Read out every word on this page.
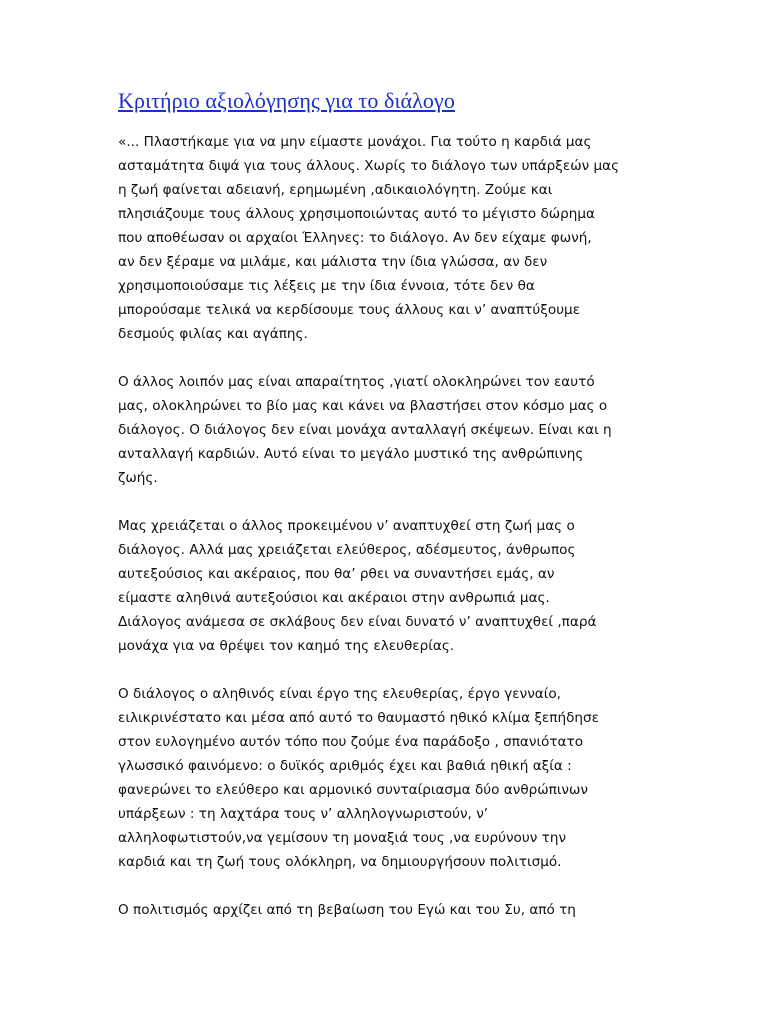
Κριτήριο αξιολόγησης για το διάλογο

«... Πλαστήκαμε για να μην είμαστε μονάχοι. Για τούτο η καρδιά μας
ασταμάτητα διψά για τους άλλους. Χωρίς το διάλογο των υπάρξεών μας
η ζωή φαίνεται αδειανή, ερημωμένη ,αδικαιολόγητη. Ζούμε και
πλησιάζουμε τους άλλους χρησιμοποιώντας αυτό το μέγιστο δώρημα
που αποθέωσαν οι αρχαίοι Έλληνες: το διάλογο. Αν δεν είχαμε φωνή,
αν δεν ξέραμε να μιλάμε, και μάλιστα την ίδια γλώσσα, αν δεν
χρησιμοποιούσαμε τις λέξεις με την ίδια έννοια, τότε δεν θα
μπορούσαμε τελικά να κερδίσουμε τους άλλους και ν’ αναπτύξουμε
δεσμούς φιλίας και αγάπης.

Ο άλλος λοιπόν μας είναι απαραίτητος ,γιατί ολοκληρώνει τον εαυτό
μας, ολοκληρώνει το βίο μας και κάνει να βλαστήσει στον κόσμο μας ο
διάλογος. Ο διάλογος δεν είναι μονάχα ανταλλαγή σκέψεων. Είναι και η
ανταλλαγή καρδιών. Αυτό είναι το μεγάλο μυστικό της ανθρώπινης
ζωής.

Μας χρειάζεται ο άλλος προκειμένου ν’ αναπτυχθεί στη ζωή μας ο
διάλογος. Αλλά μας χρειάζεται ελεύθερος, αδέσμευτος, άνθρωπος
αυτεξούσιος και ακέραιος, που θα’ ρθει να συναντήσει εμάς, αν
είμαστε αληθινά αυτεξούσιοι και ακέραιοι στην ανθρωπιά μας.
Διάλογος ανάμεσα σε σκλάβους δεν είναι δυνατό ν’ αναπτυχθεί ,παρά
μονάχα για να θρέψει τον καημό της ελευθερίας.

Ο διάλογος ο αληθινός είναι έργο της ελευθερίας, έργο γενναίο,
ειλικρινέστατο και μέσα από αυτό το θαυμαστό ηθικό κλίμα ξεπήδησε
στον ευλογημένο αυτόν τόπο που ζούμε ένα παράδοξο , σπανιότατο
γλωσσικό φαινόμενο: ο δυϊκός αριθμός έχει και βαθιά ηθική αξία :
φανερώνει το ελεύθερο και αρμονικό συνταίριασμα δύο ανθρώπινων
υπάρξεων : τη λαχτάρα τους ν’ αλληλογνωριστούν, ν’
αλληλοφωτιστούν,να γεμίσουν τη μοναξιά τους ,να ευρύνουν την
καρδιά και τη ζωή τους ολόκληρη, να δημιουργήσουν πολιτισμό.

Ο πολιτισμός αρχίζει από τη βεβαίωση του Εγώ και του Συ, από τη
